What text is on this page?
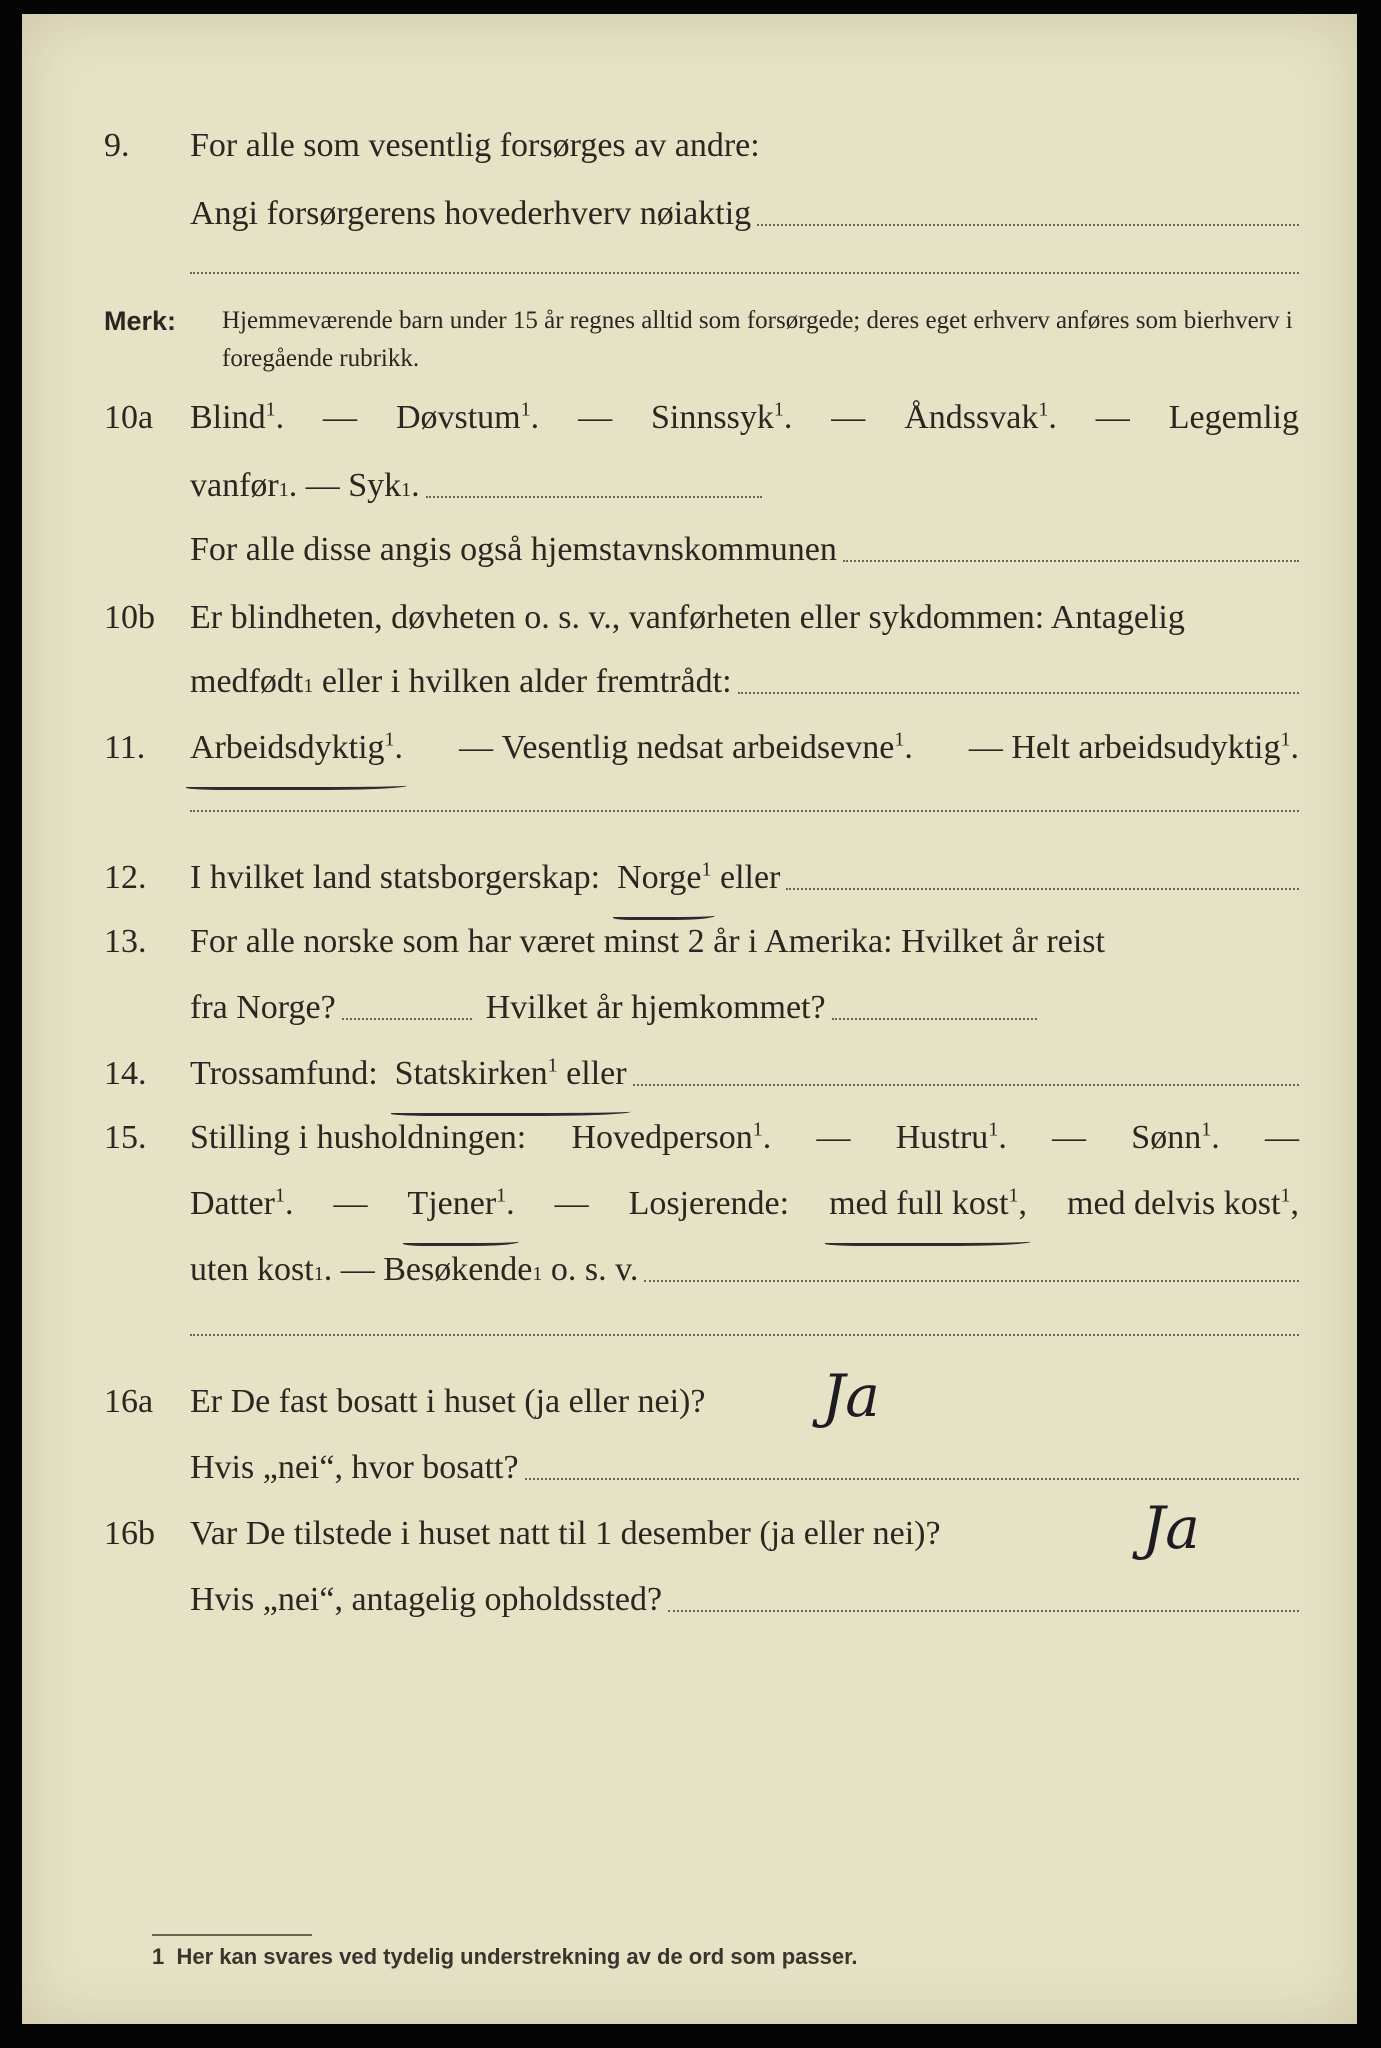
9. For alle som vesentlig forsørges av andre:
Angi forsørgerens hovederhverv nøiaktig
Merk: Hjemmeværende barn under 15 år regnes alltid som forsørgede; deres eget erhverv anføres som bierhverv i foregående rubrikk.
10a Blind$^1$. — Døvstum$^1$. — Sinnssyk$^1$. — Åndssvak$^1$. — Legemlig
vanfør 1 . —
Syk 1 .
For alle disse angis også hjemstavnskommunen
10b Er blindheten, døvheten o. s. v., vanførheten eller sykdommen: Antagelig
medfødt 1
eller i hvilken alder fremtrådt:
11. Arbeidsdyktig$^1$. — Vesentlig nedsat arbeidsevne$^1$. — Helt arbeidsudyktig$^1$.
12. I hvilket land statsborgerskap:
Norge$^1$
eller
13. For alle norske som har været minst 2 år i Amerika: Hvilket år reist
fra Norge?	Hvilket år hjemkommet?
14. Trossamfund:
Statskirken$^1$ eller
15. Stilling i husholdningen: Hovedperson$^1$. — Hustru$^1$. — Sønn$^1$. —
Datter$^1$. — Tjener$^1$. — Losjerende: med full kost$^1$, med delvis kost$^1$,
uten kost 1 . —
Besøkende 1
o. s. v.
16a Er De fast bosatt i huset (ja eller nei)? Ja
Hvis „nei“, hvor bosatt?
16b Var De tilstede i huset natt til 1 desember (ja eller nei)?	Ja
Hvis „nei“, antagelig opholdssted?
1 Her kan svares ved tydelig understrekning av de ord som passer.
